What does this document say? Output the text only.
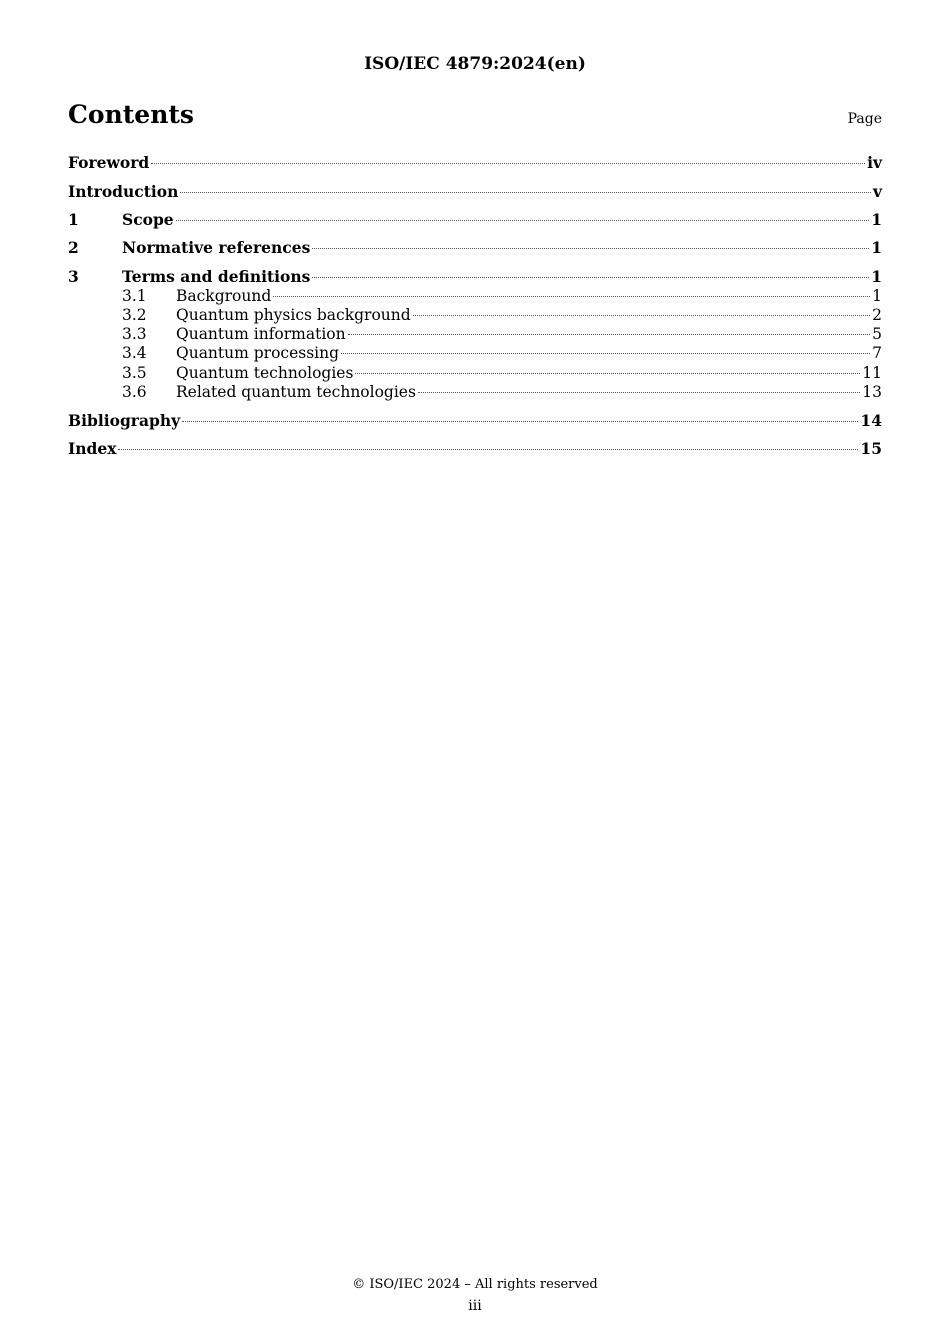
ISO/IEC 4879:2024(en)
Contents	Page
Foreword	iv
Introduction	v
1	Scope	1
2	Normative references	1
3	Terms and definitions	1
3.1	Background	1
3.2	Quantum physics background	2
3.3	Quantum information	5
3.4	Quantum processing	7
3.5	Quantum technologies	11
3.6	Related quantum technologies	13
Bibliography	14
Index	15
© ISO/IEC 2024 – All rights reserved
iii
